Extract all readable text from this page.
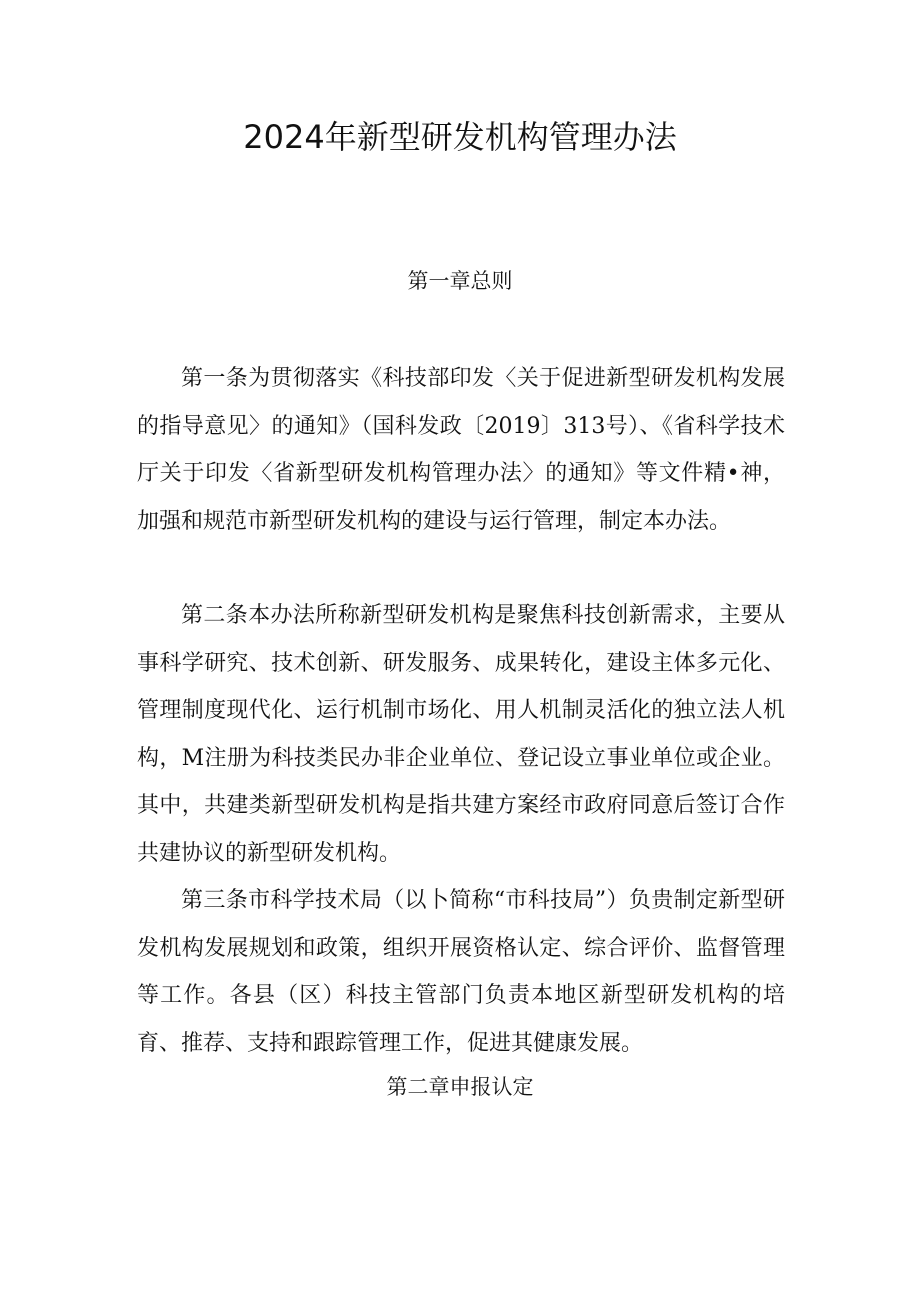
2024年新型研发机构管理办法
第一章总则

第一条为贯彻落实《科技部印发〈关于促进新型研发机构发展的指导意见〉的通知》（国科发政〔2019〕313号）、《省科学技术厅关于印发〈省新型研发机构管理办法〉的通知》等文件精•神，加强和规范市新型研发机构的建设与运行管理，制定本办法。

第二条本办法所称新型研发机构是聚焦科技创新需求，主要从事科学研究、技术创新、研发服务、成果转化，建设主体多元化、管理制度现代化、运行机制市场化、用人机制灵活化的独立法人机构，M注册为科技类民办非企业单位、登记设立事业单位或企业。其中，共建类新型研发机构是指共建方案经市政府同意后签订合作共建协议的新型研发机构。

第三条市科学技术局（以卜简称“市科技局”）负贵制定新型研发机构发展规划和政策，组织开展资格认定、综合评价、监督管理等工作。各县（区）科技主管部门负责本地区新型研发机构的培育、推荐、支持和跟踪管理工作，促进其健康发展。

第二章申报认定
